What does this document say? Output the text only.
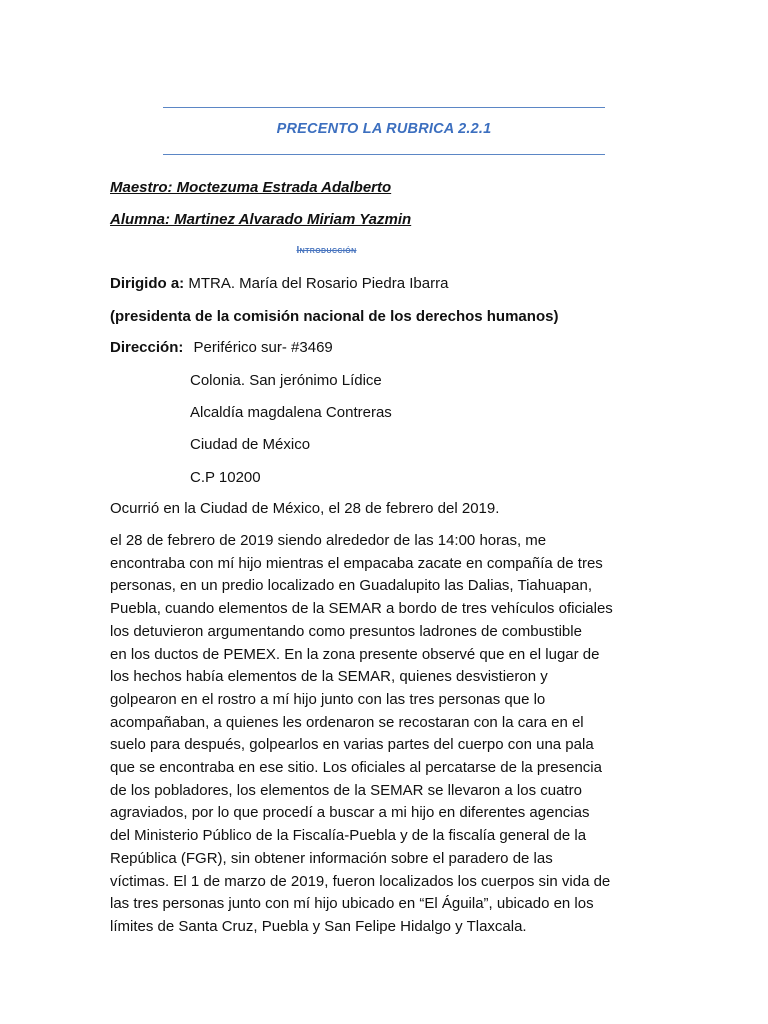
PRECENTO LA RUBRICA 2.2.1
Maestro: Moctezuma Estrada Adalberto
Alumna: Martinez Alvarado Miriam Yazmin
Introducción
Dirigido a: MTRA. María del Rosario Piedra Ibarra
(presidenta de la comisión nacional de los derechos humanos)
Dirección: Periférico sur- #3469
Colonia. San jerónimo Lídice
Alcaldía magdalena Contreras
Ciudad de México
C.P 10200
Ocurrió en la Ciudad de México, el 28 de febrero del 2019.
el 28 de febrero de 2019 siendo alrededor de las 14:00 horas, me
encontraba con mí hijo mientras el empacaba zacate en compañía de tres
personas, en un predio localizado en Guadalupito las Dalias, Tiahuapan,
Puebla, cuando elementos de la SEMAR a bordo de tres vehículos oficiales
los detuvieron argumentando como presuntos ladrones de combustible
en los ductos de PEMEX. En la zona presente observé que en el lugar de
los hechos había elementos de la SEMAR, quienes desvistieron y
golpearon en el rostro a mí hijo junto con las tres personas que lo
acompañaban, a quienes les ordenaron se recostaran con la cara en el
suelo para después, golpearlos en varias partes del cuerpo con una pala
que se encontraba en ese sitio. Los oficiales al percatarse de la presencia
de los pobladores, los elementos de la SEMAR se llevaron a los cuatro
agraviados, por lo que procedí a buscar a mi hijo en diferentes agencias
del Ministerio Público de la Fiscalía-Puebla y de la fiscalía general de la
República (FGR), sin obtener información sobre el paradero de las
víctimas. El 1 de marzo de 2019, fueron localizados los cuerpos sin vida de
las tres personas junto con mí hijo ubicado en “El Águila”, ubicado en los
límites de Santa Cruz, Puebla y San Felipe Hidalgo y Tlaxcala.
